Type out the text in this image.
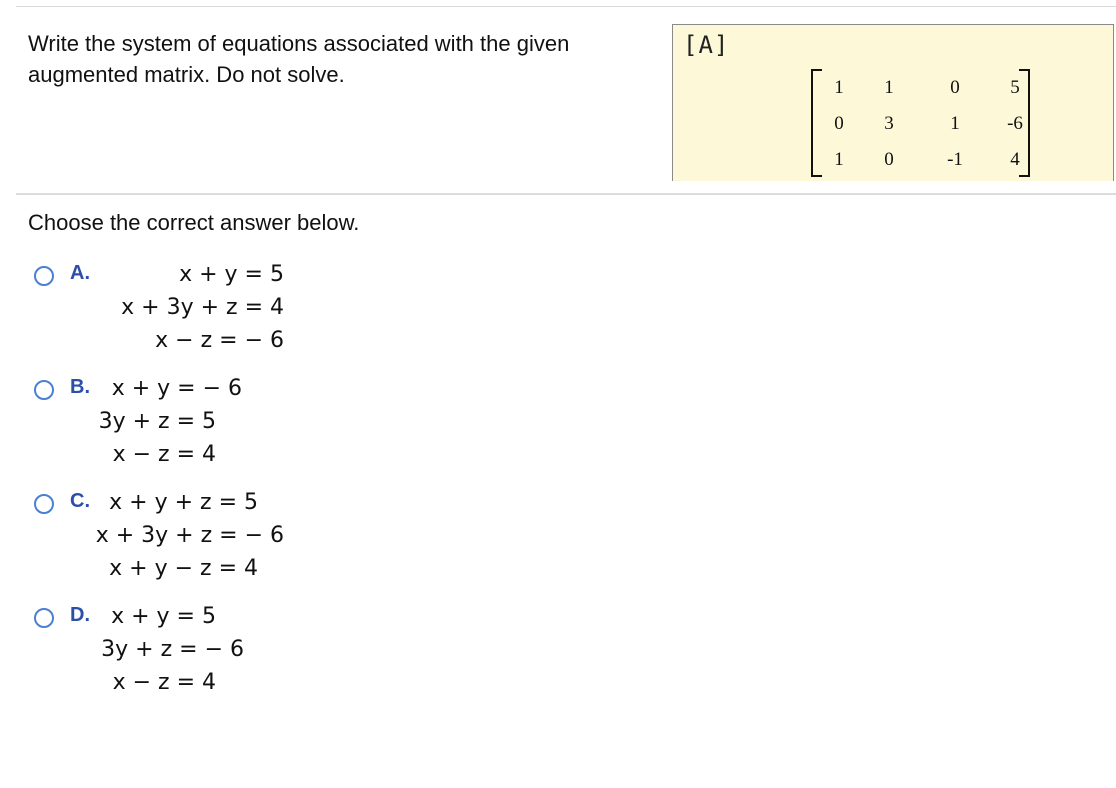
Write the system of equations associated with the given augmented matrix. Do not solve.
[A]
1	1	0	5
0	3	1	-6
1	0	-1	4
Choose the correct answer below.
A.	x + y = 5
x + 3y + z = 4
x − z = − 6
B. x + y = − 6
3y + z = 5
x − z = 4
C. x + y + z = 5
x + 3y + z = − 6
x + y − z = 4
D. x + y = 5
3y + z = − 6
x − z = 4
